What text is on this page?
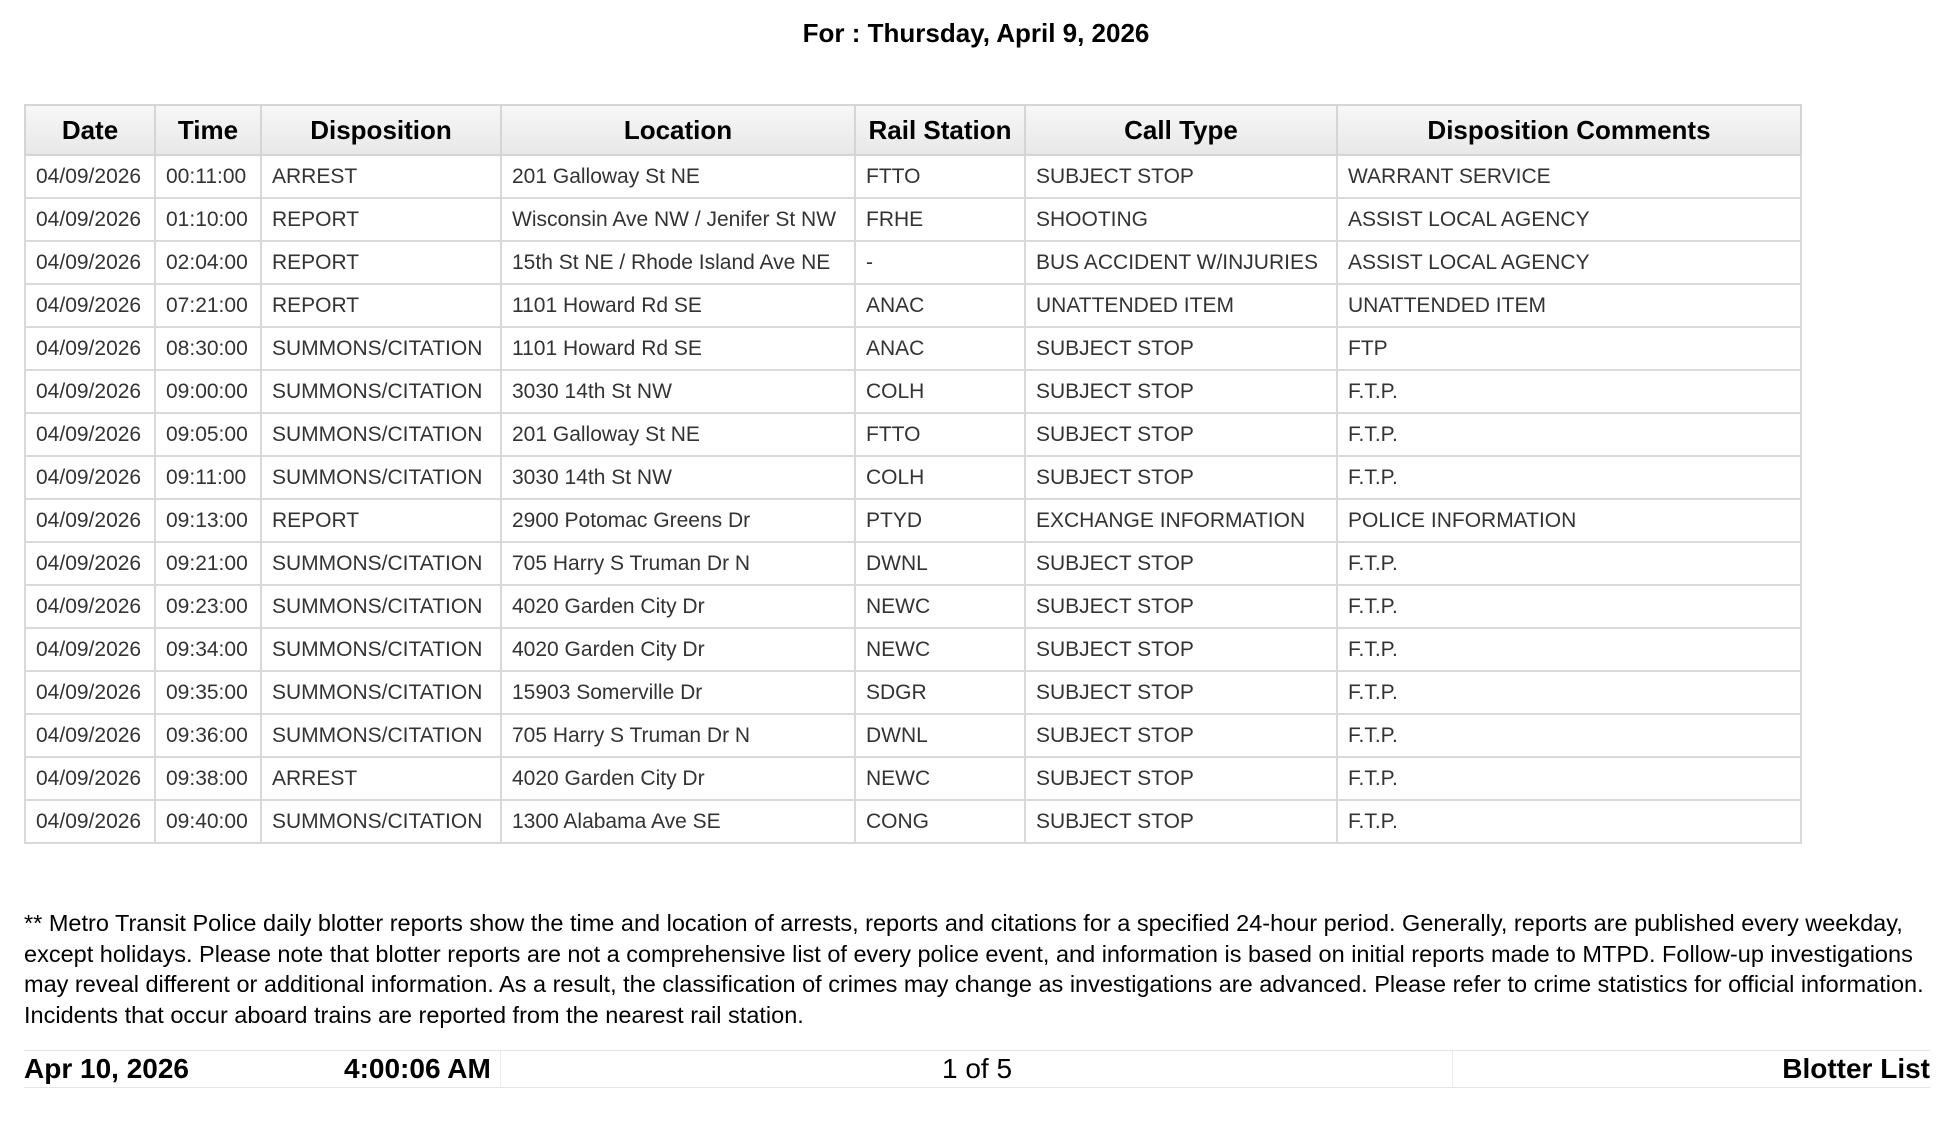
For : Thursday, April 9, 2026
Date	Time	Disposition	Location	Rail Station	Call Type	Disposition Comments
04/09/2026	00:11:00	ARREST	201 Galloway St NE	FTTO	SUBJECT STOP	WARRANT SERVICE
04/09/2026	01:10:00	REPORT	Wisconsin Ave NW / Jenifer St NW	FRHE	SHOOTING	ASSIST LOCAL AGENCY
04/09/2026	02:04:00	REPORT	15th St NE / Rhode Island Ave NE	-	BUS ACCIDENT W/INJURIES	ASSIST LOCAL AGENCY
04/09/2026	07:21:00	REPORT	1101 Howard Rd SE	ANAC	UNATTENDED ITEM	UNATTENDED ITEM
04/09/2026	08:30:00	SUMMONS/CITATION	1101 Howard Rd SE	ANAC	SUBJECT STOP	FTP
04/09/2026	09:00:00	SUMMONS/CITATION	3030 14th St NW	COLH	SUBJECT STOP	F.T.P.
04/09/2026	09:05:00	SUMMONS/CITATION	201 Galloway St NE	FTTO	SUBJECT STOP	F.T.P.
04/09/2026	09:11:00	SUMMONS/CITATION	3030 14th St NW	COLH	SUBJECT STOP	F.T.P.
04/09/2026	09:13:00	REPORT	2900 Potomac Greens Dr	PTYD	EXCHANGE INFORMATION	POLICE INFORMATION
04/09/2026	09:21:00	SUMMONS/CITATION	705 Harry S Truman Dr N	DWNL	SUBJECT STOP	F.T.P.
04/09/2026	09:23:00	SUMMONS/CITATION	4020 Garden City Dr	NEWC	SUBJECT STOP	F.T.P.
04/09/2026	09:34:00	SUMMONS/CITATION	4020 Garden City Dr	NEWC	SUBJECT STOP	F.T.P.
04/09/2026	09:35:00	SUMMONS/CITATION	15903 Somerville Dr	SDGR	SUBJECT STOP	F.T.P.
04/09/2026	09:36:00	SUMMONS/CITATION	705 Harry S Truman Dr N	DWNL	SUBJECT STOP	F.T.P.
04/09/2026	09:38:00	ARREST	4020 Garden City Dr	NEWC	SUBJECT STOP	F.T.P.
04/09/2026	09:40:00	SUMMONS/CITATION	1300 Alabama Ave SE	CONG	SUBJECT STOP	F.T.P.
** Metro Transit Police daily blotter reports show the time and location of arrests, reports and citations for a specified 24-hour period. Generally, reports are published every weekday, except holidays. Please note that blotter reports are not a comprehensive list of every police event, and information is based on initial reports made to MTPD. Follow-up investigations may reveal different or additional information. As a result, the classification of crimes may change as investigations are advanced. Please refer to crime statistics for official information. Incidents that occur aboard trains are reported from the nearest rail station.
Apr 10, 2026	4:00:06 AM	1 of 5	Blotter List
